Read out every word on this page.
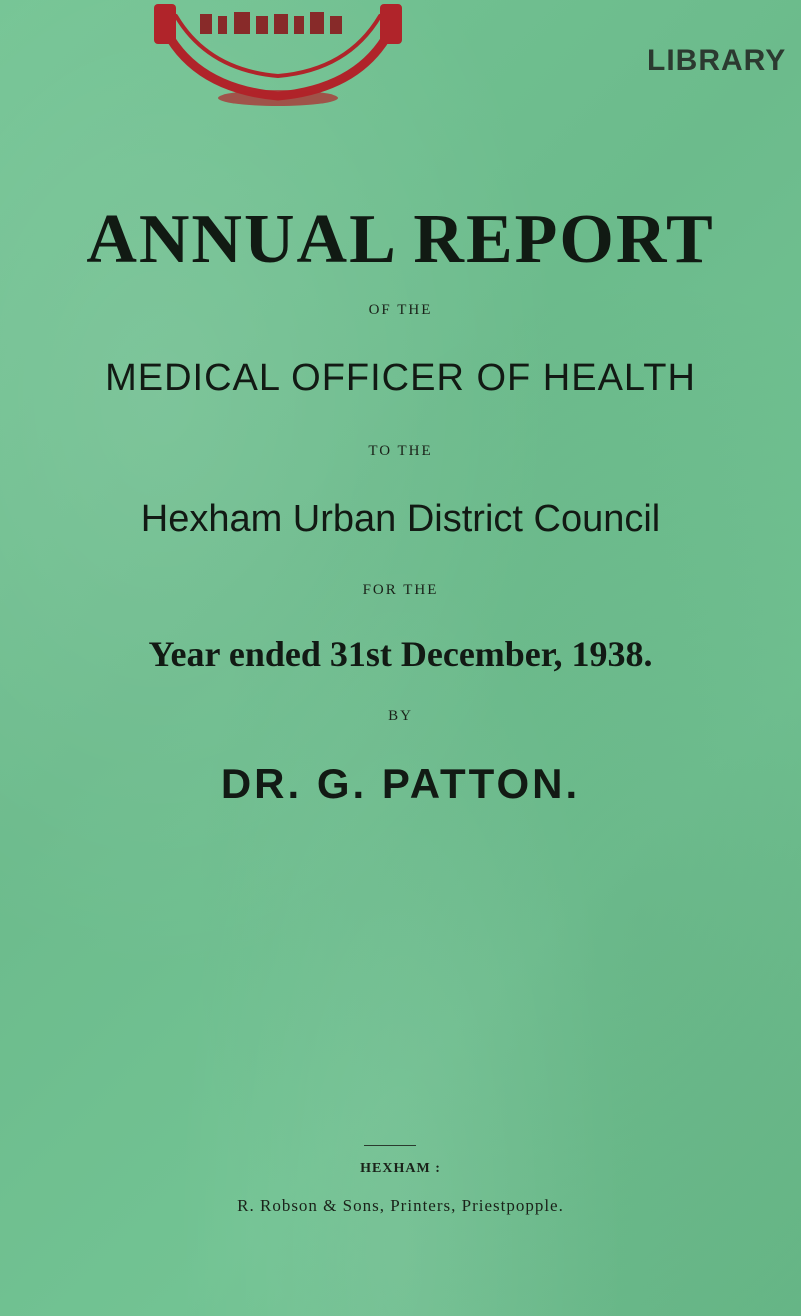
LIBRARY
ANNUAL REPORT
OF THE
MEDICAL OFFICER OF HEALTH
TO THE
Hexham Urban District Council
FOR THE
Year ended 31st December, 1938.
BY
DR. G. PATTON.
HEXHAM :
R. Robson & Sons, Printers, Priestpopple.
